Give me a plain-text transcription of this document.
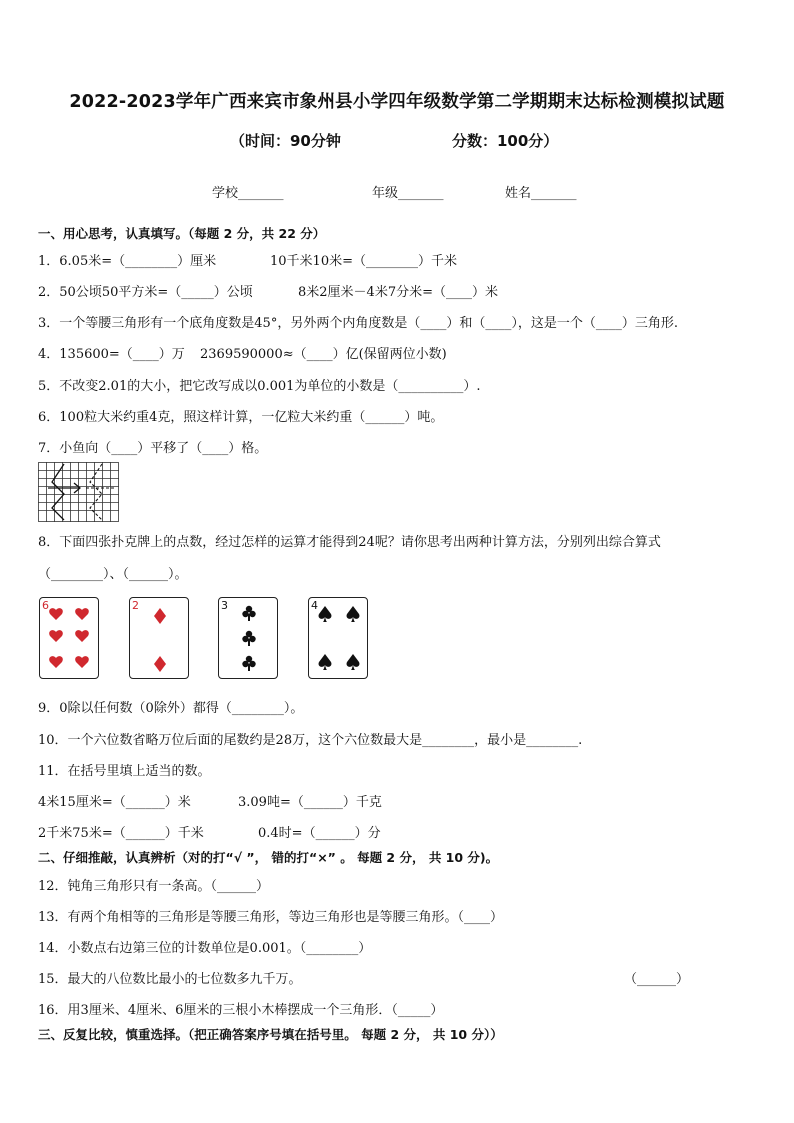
2022-2023学年广西来宾市象州县小学四年级数学第二学期期末达标检测模拟试题
（时间：90分钟	分数：100分）
学校_______	年级_______	姓名_______
一、用心思考，认真填写。（每题 2 分，共 22 分）
1．6.05米=（________）厘米	10千米10米=（________）千米
2．50公顷50平方米=（_____）公顷	8米2厘米－4米7分米=（____）米
3．一个等腰三角形有一个底角度数是45°，另外两个内角度数是（____）和（____），这是一个（____）三角形.
4．135600=（____）万 2369590000≈（____）亿(保留两位小数)
5．不改变2.01的大小，把它改写成以0.001为单位的小数是（__________）.
6．100粒大米约重4克，照这样计算，一亿粒大米约重（______）吨。
7．小鱼向（____）平移了（____）格。
8．下面四张扑克牌上的点数，经过怎样的运算才能得到24呢？请你思考出两种计算方法，分别列出综合算式
（________）、（______）。
6	2	3	4
9．0除以任何数（0除外）都得（________）。
10．一个六位数省略万位后面的尾数约是28万，这个六位数最大是________，最小是________.
11．在括号里填上适当的数。
4米15厘米=（______）米	3.09吨=（______）千克
2千米75米=（______）千米	0.4时=（______）分
二、仔细推敲，认真辨析（对的打“√ ”， 错的打“×” 。 每题 2 分， 共 10 分)。
12．钝角三角形只有一条高。（______）
13．有两个角相等的三角形是等腰三角形，等边三角形也是等腰三角形。（____）
14．小数点右边第三位的计数单位是0.001。（________）
15．最大的八位数比最小的七位数多九千万。	（______）
16．用3厘米、4厘米、6厘米的三根小木棒摆成一个三角形．（_____）
三、反复比较，慎重选择。（把正确答案序号填在括号里。 每题 2 分， 共 10 分））
